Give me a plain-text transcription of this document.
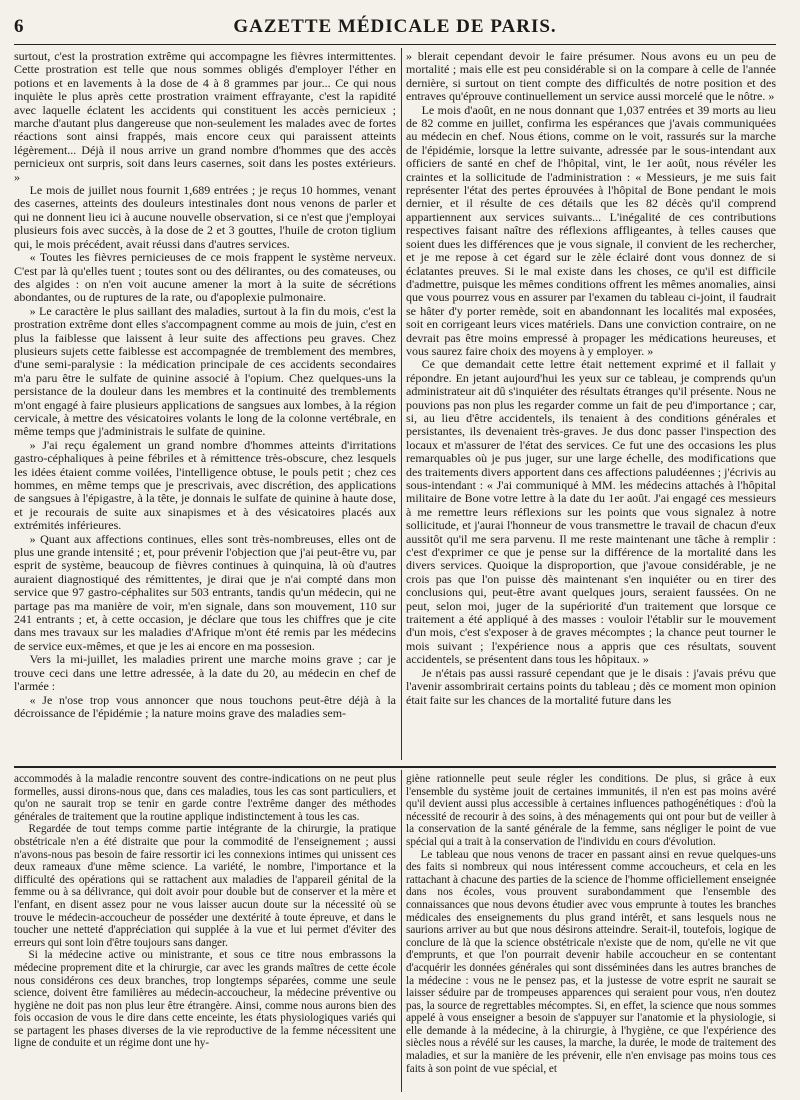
6	GAZETTE MÉDICALE DE PARIS.

surtout, c'est la prostration extrême qui accompagne les fièvres intermittentes. Cette prostration est telle que nous sommes obligés d'employer l'éther en potions et en lavements à la dose de 4 à 8 grammes par jour... Ce qui nous inquiète le plus après cette prostration vraiment effrayante, c'est la rapidité avec laquelle éclatent les accidents qui constituent les accès pernicieux ; marche d'autant plus dangereuse que non-seulement les malades avec de fortes réactions sont ainsi frappés, mais encore ceux qui paraissent atteints légèrement... Déjà il nous arrive un grand nombre d'hommes que des accès pernicieux ont surpris, soit dans leurs casernes, soit dans les postes extérieurs. »

Le mois de juillet nous fournit 1,689 entrées ; je reçus 10 hommes, venant des casernes, atteints des douleurs intestinales dont nous venons de parler et qui ne donnent lieu ici à aucune nouvelle observation, si ce n'est que j'employai plusieurs fois avec succès, à la dose de 2 et 3 gouttes, l'huile de croton tiglium qui, le mois précédent, avait réussi dans d'autres services.

« Toutes les fièvres pernicieuses de ce mois frappent le système nerveux. C'est par là qu'elles tuent ; toutes sont ou des délirantes, ou des comateuses, ou des algides : on n'en voit aucune amener la mort à la suite de sécrétions abondantes, ou de ruptures de la rate, ou d'apoplexie pulmonaire.

» Le caractère le plus saillant des maladies, surtout à la fin du mois, c'est la prostration extrême dont elles s'accompagnent comme au mois de juin, c'est en plus la faiblesse que laissent à leur suite des affections peu graves. Chez plusieurs sujets cette faiblesse est accompagnée de tremblement des membres, d'une semi-paralysie : la médication principale de ces accidents secondaires m'a paru être le sulfate de quinine associé à l'opium. Chez quelques-uns la persistance de la douleur dans les membres et la continuité des tremblements m'ont engagé à faire plusieurs applications de sangsues aux lombes, à la région cervicale, à mettre des vésicatoires volants le long de la colonne vertébrale, en même temps que j'administrais le sulfate de quinine.

» J'ai reçu également un grand nombre d'hommes atteints d'irritations gastro-céphaliques à peine fébriles et à rémittence très-obscure, chez lesquels les idées étaient comme voilées, l'intelligence obtuse, le pouls petit ; chez ces hommes, en même temps que je prescrivais, avec discrétion, des applications de sangsues à l'épigastre, à la tête, je donnais le sulfate de quinine à haute dose, et je recourais de suite aux sinapismes et à des vésicatoires placés aux extrémités inférieures.

» Quant aux affections continues, elles sont très-nombreuses, elles ont de plus une grande intensité ; et, pour prévenir l'objection que j'ai peut-être vu, par esprit de système, beaucoup de fièvres continues à quinquina, là où d'autres auraient diagnostiqué des rémittentes, je dirai que je n'ai compté dans mon service que 97 gastro-céphalites sur 503 entrants, tandis qu'un médecin, qui ne partage pas ma manière de voir, m'en signale, dans son mouvement, 110 sur 241 entrants ; et, à cette occasion, je déclare que tous les chiffres que je cite dans mes travaux sur les maladies d'Afrique m'ont été remis par les médecins de service eux-mêmes, et que je les ai encore en ma possesion.

Vers la mi-juillet, les maladies prirent une marche moins grave ; car je trouve ceci dans une lettre adressée, à la date du 20, au médecin en chef de l'armée :

« Je n'ose trop vous annoncer que nous touchons peut-être déjà à la décroissance de l'épidémie ; la nature moins grave des maladies sem-

» blerait cependant devoir le faire présumer. Nous avons eu un peu de mortalité ; mais elle est peu considérable si on la compare à celle de l'année dernière, si surtout on tient compte des difficultés de notre position et des entraves qu'éprouve continuellement un service aussi morcelé que le nôtre. »

Le mois d'août, en ne nous donnant que 1,037 entrées et 39 morts au lieu de 82 comme en juillet, confirma les espérances que j'avais communiquées au médecin en chef. Nous étions, comme on le voit, rassurés sur la marche de l'épidémie, lorsque la lettre suivante, adressée par le sous-intendant aux officiers de santé en chef de l'hôpital, vint, le 1er août, nous révéler les craintes et la sollicitude de l'administration : « Messieurs, je me suis fait représenter l'état des pertes éprouvées à l'hôpital de Bone pendant le mois dernier, et il résulte de ces détails que les 82 décès qu'il comprend appartiennent aux services suivants... L'inégalité de ces contributions respectives faisant naître des réflexions affligeantes, à telles causes que soient dues les différences que je vous signale, il convient de les rechercher, et je me repose à cet égard sur le zèle éclairé dont vous donnez de si éclatantes preuves. Si le mal existe dans les choses, ce qu'il est difficile d'admettre, puisque les mêmes conditions offrent les mêmes anomalies, ainsi que vous pourrez vous en assurer par l'examen du tableau ci-joint, il faudrait se hâter d'y porter remède, soit en abandonnant les localités mal exposées, soit en corrigeant leurs vices matériels. Dans une conviction contraire, on ne devrait pas être moins empressé à propager les médications heureuses, et vous saurez faire choix des moyens à y employer. »

Ce que demandait cette lettre était nettement exprimé et il fallait y répondre. En jetant aujourd'hui les yeux sur ce tableau, je comprends qu'un administrateur ait dû s'inquiéter des résultats étranges qu'il présente. Nous ne pouvions pas non plus les regarder comme un fait de peu d'importance ; car, si, au lieu d'être accidentels, ils tenaient à des conditions générales et persistantes, ils devenaient très-graves. Je dus donc passer l'inspection des locaux et m'assurer de l'état des services. Ce fut une des occasions les plus remarquables où je pus juger, sur une large échelle, des modifications que des traitements divers apportent dans ces affections paludéennes ; j'écrivis au sous-intendant : « J'ai communiqué à MM. les médecins attachés à l'hôpital militaire de Bone votre lettre à la date du 1er août. J'ai engagé ces messieurs à me remettre leurs réflexions sur les points que vous signalez à notre sollicitude, et j'aurai l'honneur de vous transmettre le travail de chacun d'eux aussitôt qu'il me sera parvenu. Il me reste maintenant une tâche à remplir : c'est d'exprimer ce que je pense sur la différence de la mortalité dans les divers services. Quoique la disproportion, que j'avoue considérable, je ne crois pas que l'on puisse dès maintenant s'en inquiéter ou en tirer des conclusions qui, peut-être avant quelques jours, seraient faussées. On ne peut, selon moi, juger de la supériorité d'un traitement que lorsque ce traitement a été appliqué à des masses : vouloir l'établir sur le mouvement d'un mois, c'est s'exposer à de graves mécomptes ; la chance peut tourner le mois suivant ; l'expérience nous a appris que ces résultats, souvent accidentels, se présentent dans tous les hôpitaux. »

Je n'étais pas aussi rassuré cependant que je le disais : j'avais prévu que l'avenir assombrirait certains points du tableau ; dès ce moment mon opinion était faite sur les chances de la mortalité future dans les

accommodés à la maladie rencontre souvent des contre-indications on ne peut plus formelles, aussi dirons-nous que, dans ces maladies, tous les cas sont particuliers, et qu'on ne saurait trop se tenir en garde contre l'extrême danger des méthodes générales de traitement que la routine applique indistinctement à tous les cas.

Regardée de tout temps comme partie intégrante de la chirurgie, la pratique obstétricale n'en a été distraite que pour la commodité de l'enseignement ; aussi n'avons-nous pas besoin de faire ressortir ici les connexions intimes qui unissent ces deux rameaux d'une même science. La variété, le nombre, l'importance et la difficulté des opérations qui se rattachent aux maladies de l'appareil génital de la femme ou à sa délivrance, qui doit avoir pour double but de conserver et la mère et l'enfant, en disent assez pour ne vous laisser aucun doute sur la nécessité où se trouve le médecin-accoucheur de posséder une dextérité à toute épreuve, et dans le toucher une netteté d'appréciation qui supplée à la vue et lui permet d'éviter des erreurs qui sont loin d'être toujours sans danger.

Si la médecine active ou ministrante, et sous ce titre nous embrassons la médecine proprement dite et la chirurgie, car avec les grands maîtres de cette école nous considérons ces deux branches, trop longtemps séparées, comme une seule science, doivent être familières au médecin-accoucheur, la médecine préventive ou hygiène ne doit pas non plus leur être étrangère. Ainsi, comme nous aurons bien des fois occasion de vous le dire dans cette enceinte, les états physiologiques variés qui se partagent les phases diverses de la vie reproductive de la femme nécessitent une ligne de conduite et un régime dont une hy-

giène rationnelle peut seule régler les conditions. De plus, si grâce à eux l'ensemble du système jouit de certaines immunités, il n'en est pas moins avéré qu'il devient aussi plus accessible à certaines influences pathogénétiques : d'où la nécessité de recourir à des soins, à des ménagements qui ont pour but de veiller à la conservation de la santé générale de la femme, sans négliger le point de vue spécial qui a trait à la conservation de l'individu en cours d'évolution.

Le tableau que nous venons de tracer en passant ainsi en revue quelques-uns des faits si nombreux qui nous intéressent comme accoucheurs, et cela en les rattachant à chacune des parties de la science de l'homme officiellement enseignée dans nos écoles, vous prouvent surabondamment que l'ensemble des connaissances que nous devons étudier avec vous emprunte à toutes les branches médicales des enseignements du plus grand intérêt, et sans lesquels nous ne saurions arriver au but que nous désirons atteindre. Serait-il, toutefois, logique de conclure de là que la science obstétricale n'existe que de nom, qu'elle ne vit que d'emprunts, et que l'on pourrait devenir habile accoucheur en se contentant d'acquérir les données générales qui sont disséminées dans les autres branches de la médecine : vous ne le pensez pas, et la justesse de votre esprit ne saurait se laisser séduire par de trompeuses apparences qui seraient pour vous, n'en doutez pas, la source de regrettables mécomptes. Si, en effet, la science que nous sommes appelé à vous enseigner a besoin de s'appuyer sur l'anatomie et la physiologie, si elle demande à la médecine, à la chirurgie, à l'hygiène, ce que l'expérience des siècles nous a révélé sur les causes, la marche, la durée, le mode de traitement des maladies, et sur la manière de les prévenir, elle n'en envisage pas moins tous ces faits à son point de vue spécial, et
